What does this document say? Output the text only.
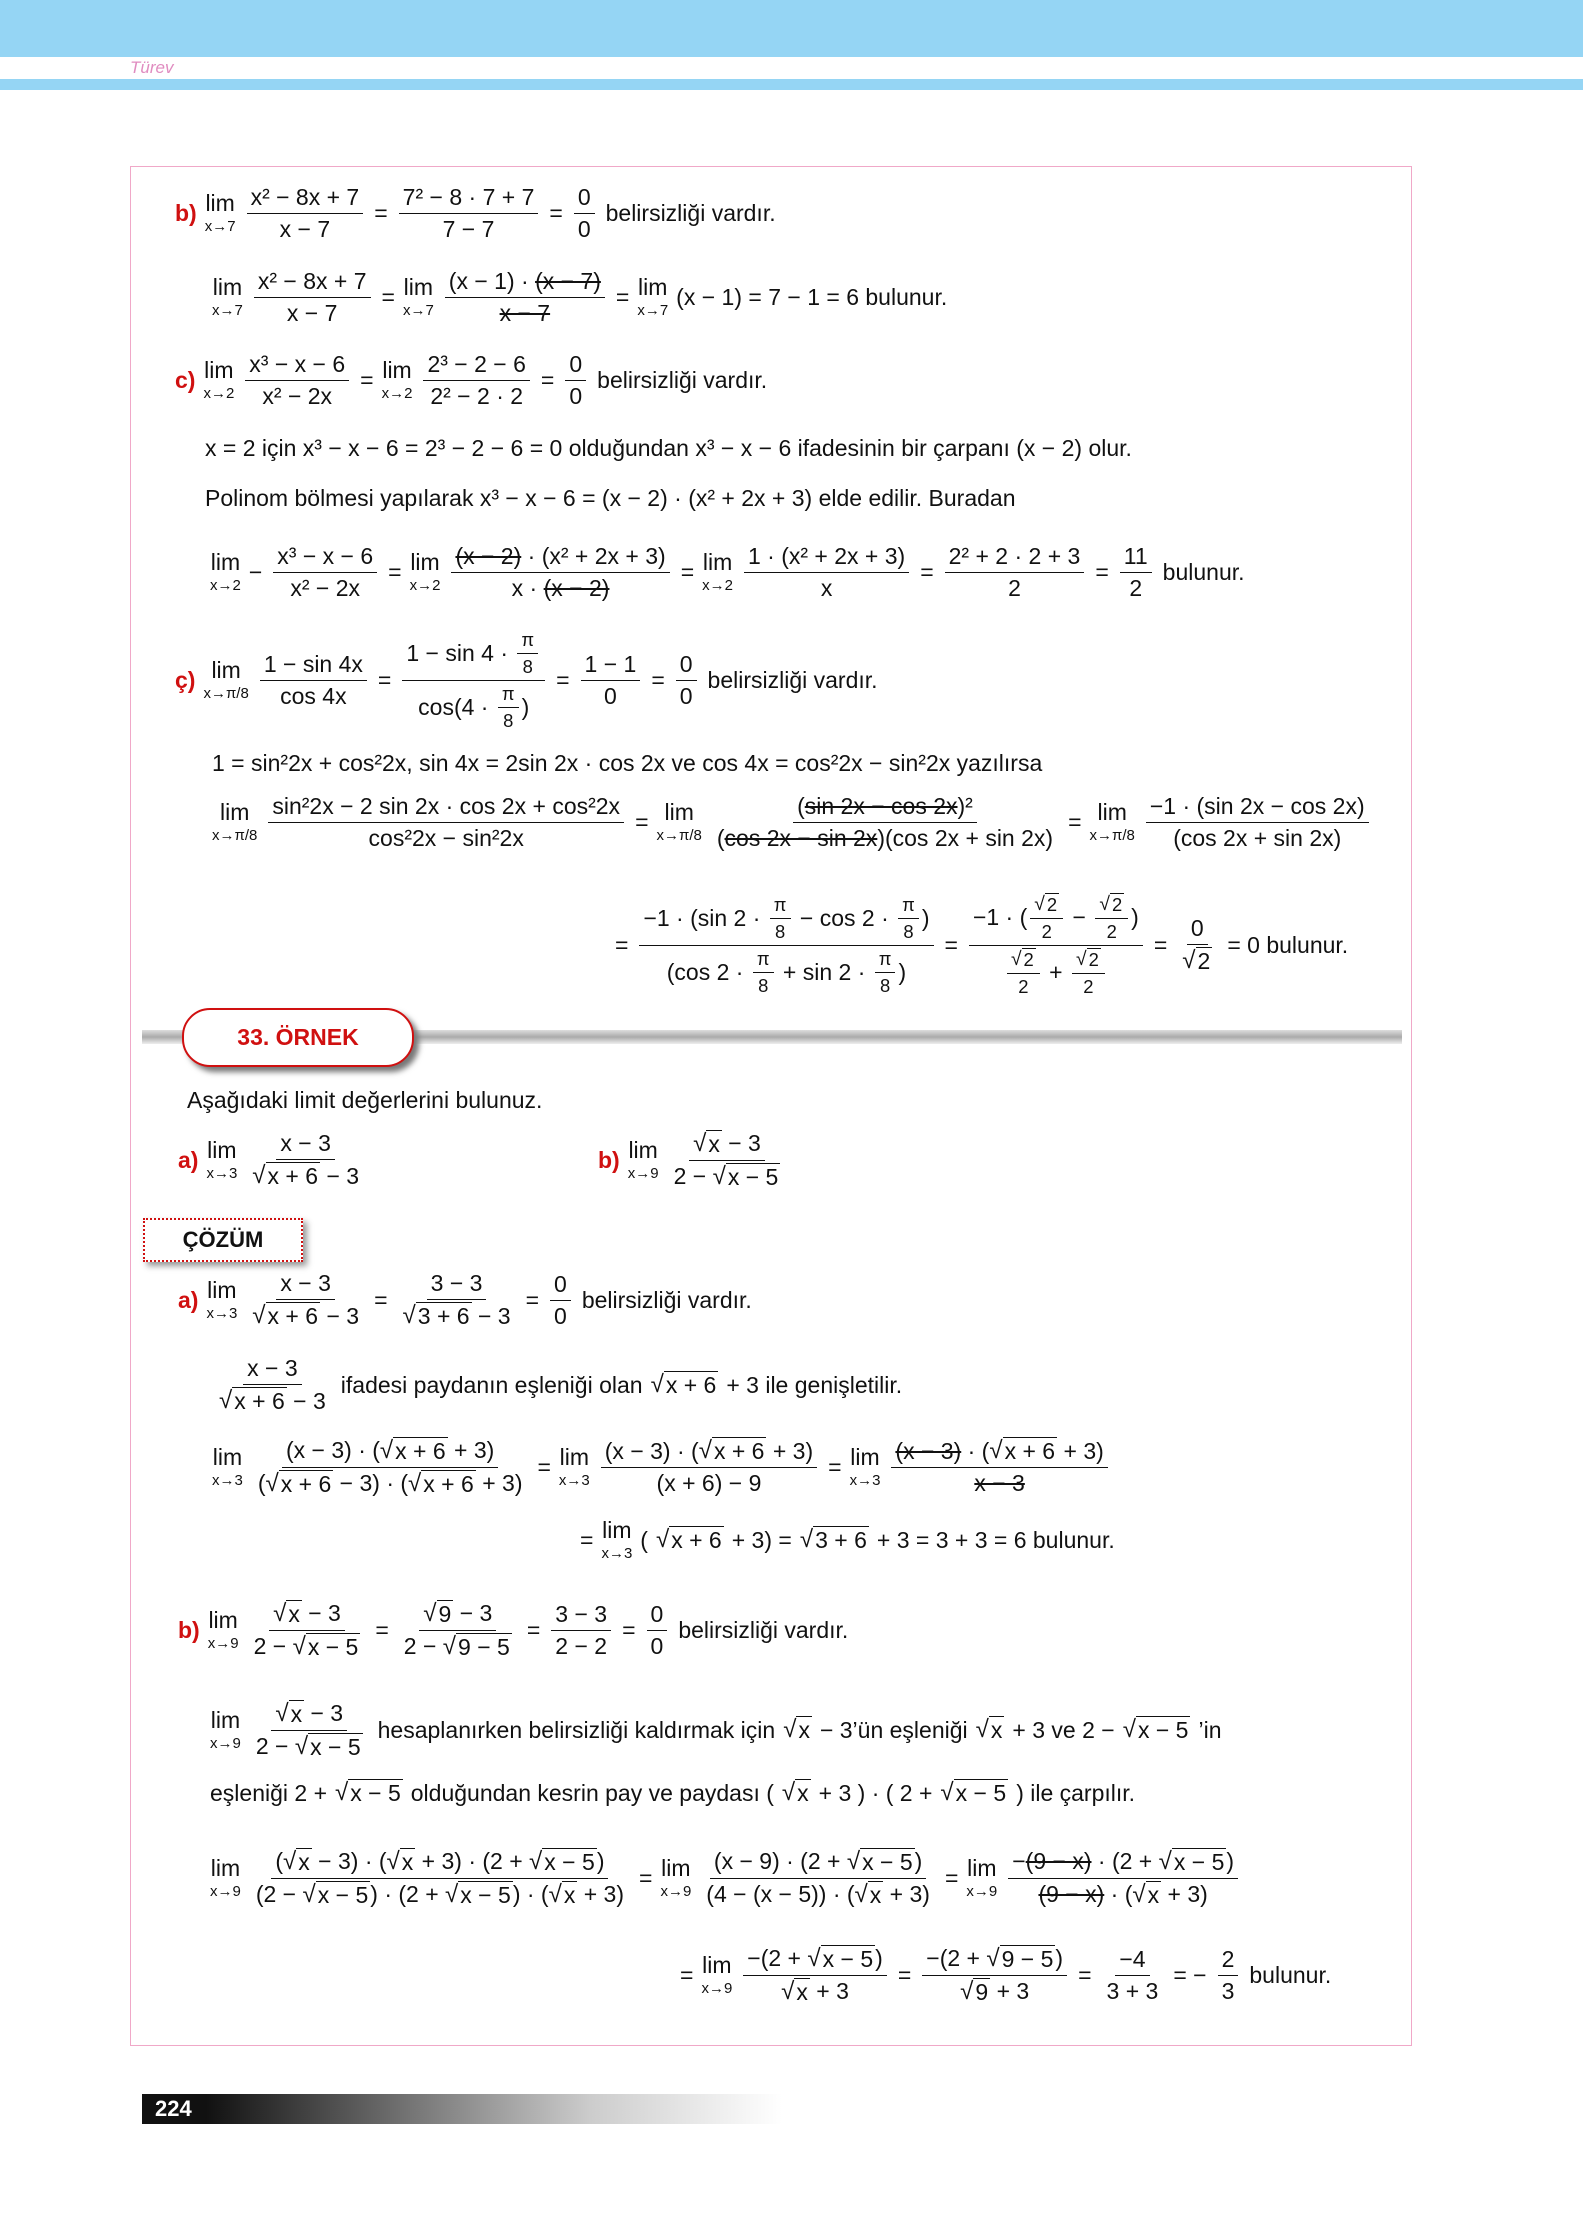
Türev
33. ÖRNEK
Aşağıdaki limit değerlerini bulunuz.
ÇÖZÜM
b) lim
$x\to 7 \frac{\text{x² − 8x + 7}}{x - 7} = \frac{\text{7² − 8 · 7 + 7}}{7 - 7} = \frac{0}{0}$ belirsizliği vardır.
lim
$x\to 7 \frac{\text{x² − 8x + 7}}{x - 7} = \lim$
$x\to 7 \frac{(x - 1) \cdot (x - 7)}{x - 7} = \lim$
x→7
(x − 1) = 7 − 1 = 6 bulunur.
c) lim
$x\to 2 \frac{\text{x³ − x − 6}}{\text{x² − 2x}} = \lim$
$x\to 2 \frac{\text{2³ − 2 − 6}}{\text{2² − 2 · 2}} = \frac{0}{0}$ belirsizliği vardır.
x = 2 için x³ − x − 6 = 2³ − 2 − 6 = 0 olduğundan x³ − x − 6 ifadesinin bir çarpanı (x − 2) olur.
Polinom bölmesi yapılarak x³ − x − 6 = (x − 2) · (x² + 2x + 3) elde edilir. Buradan
lim
x→2
− $\frac{\text{x³ − x − 6}}{\text{x² − 2x}} = \lim$
$x\to 2 \frac{\text{(x − 2) · (x² + 2x + 3)}}{x \cdot (x - 2)} = \lim$
$x\to 2 \frac{\text{1 · (x² + 2x + 3)}}{x} = \frac{\text{2² + 2 · 2 + 3}}{2} = \frac{11}{2}$ bulunur.
ç) lim
$x\to\pi/8 \frac{1 - \sin 4x}{\cos 4x} = \frac{1 - \sin 4 \cdot \frac{\pi}{8}}{\cos(4 \cdot \frac{\pi}{8} )} = \frac{1 - 1}{0} = \frac{0}{0}$ belirsizliği vardır.
1 = sin²2x + cos²2x, sin 4x = 2sin 2x · cos 2x ve cos 4x = cos²2x − sin²2x yazılırsa
lim
$x\to\pi/8 \frac{\text{sin²2x − 2 sin 2x · cos 2x + cos²2x}}{\text{cos²2x − sin²2x}} = \lim$
$x\to\pi/8 \frac{\text{( sin 2x − cos 2x )²}}{( \cos 2x - \sin 2x )(\cos 2x + \sin 2x)} = \lim$
$x\to\pi/8 \frac{-1 \cdot (\sin 2x - \cos 2x)}{(\cos 2x + \sin 2x)}$
= $\frac{-1 \cdot (\sin 2 \cdot \frac{\pi}{8} - \cos 2 \cdot \frac{\pi}{8} )}{(\cos 2 \cdot \frac{\pi}{8} + \sin 2 \cdot \frac{\pi}{8} )} = \frac{-1 \cdot ( \frac{√ 2}{2} - \frac{√ 2}{2} )}{\frac{√ 2}{2} + \frac{√ 2}{2}} = \frac{0}{√ 2} = 0$ bulunur.
a) lim
$x\to 3 \frac{x - 3}{√ x + 6 - 3}$	b) lim
$x\to 9 \frac{√ x - 3}{2 - √ x - 5}$
a) lim
$x\to 3 \frac{x - 3}{√ x + 6 - 3} = \frac{3 - 3}{√ 3 + 6 - 3} = \frac{0}{0}$ belirsizliği vardır.
$\frac{x - 3}{√ x + 6 - 3}$ ifadesi paydanın eşleniği olan √ x + 6 + 3 ile genişletilir.
lim
$x\to 3 \frac{(x - 3) \cdot ( √ x + 6 + 3)}{( √ x + 6 - 3) \cdot ( √ x + 6 + 3)} = \lim$
$x\to 3 \frac{(x - 3) \cdot ( √ x + 6 + 3)}{(x + 6) - 9} = \lim$
$x\to 3 \frac{(x - 3) \cdot ( √ x + 6 + 3)}{x - 3}$
= lim
x→3
( √ x + 6 + 3) = √ 3 + 6 + 3 = 3 + 3 = 6 bulunur.
b) lim
$x\to 9 \frac{√ x - 3}{2 - √ x - 5} = \frac{√ 9 - 3}{2 - √ 9 - 5} = \frac{3 - 3}{2 - 2} = \frac{0}{0}$ belirsizliği vardır.
lim
$x\to 9 \frac{√ x - 3}{2 - √ x - 5}$ hesaplanırken belirsizliği kaldırmak için √ x − 3’ün eşleniği √ x + 3 ve 2 − √ x − 5 ’in
eşleniği 2 + √ x − 5 olduğundan kesrin pay ve paydası ( √ x + 3 ) · ( 2 + √ x − 5 ) ile çarpılır.
lim
$x\to 9 \frac{( √ x - 3) \cdot ( √ x + 3) \cdot (2 + √ x - 5 )}{(2 - √ x - 5 ) \cdot (2 + √ x - 5 ) \cdot ( √ x + 3)} = \lim$
$x\to 9 \frac{(x - 9) \cdot (2 + √ x - 5 )}{(4 - (x - 5)) \cdot ( √ x + 3)} = \lim$
$x\to 9 \frac{- (9 - x) \cdot (2 + √ x - 5 )}{(9 - x) \cdot ( √ x + 3)}$
= lim
$x\to 9 \frac{-(2 + √ x - 5 )}{√ x + 3} = \frac{-(2 + √ 9 - 5 )}{√ 9 + 3} = \frac{-4}{3 + 3}$ = − $\frac{2}{3}$ bulunur.
224
